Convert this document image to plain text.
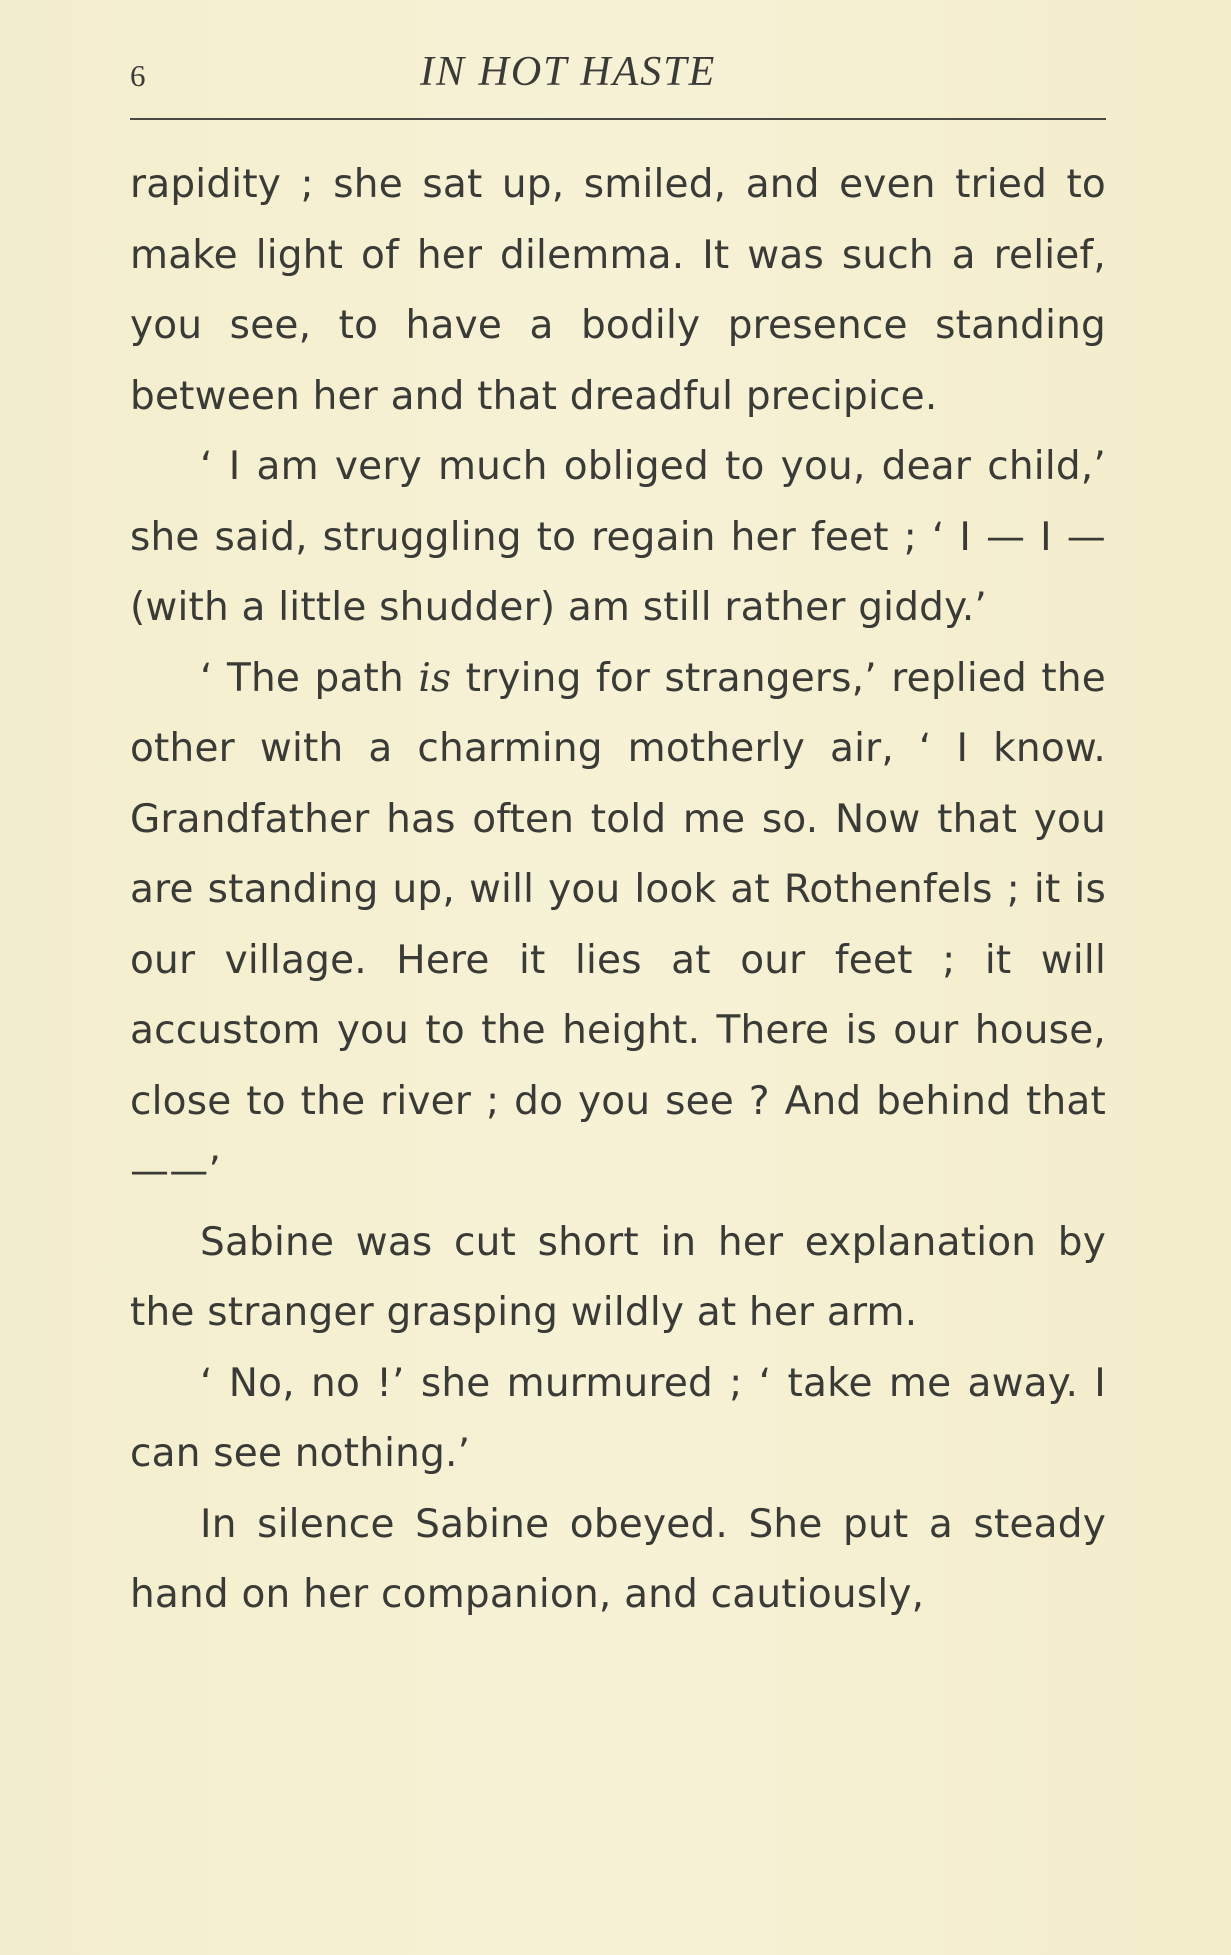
6	IN HOT HASTE

rapidity ; she sat up, smiled, and even tried to make light of her dilemma. It was such a relief, you see, to have a bodily presence standing between her and that dreadful precipice.

‘ I am very much obliged to you, dear child,’ she said, struggling to regain her feet ; ‘ I — I — (with a little shudder) am still rather giddy.’

‘ The path is trying for strangers,’ replied the other with a charming motherly air, ‘ I know. Grandfather has often told me so. Now that you are standing up, will you look at Rothenfels ; it is our village. Here it lies at our feet ; it will accustom you to the height. There is our house, close to the river ; do you see ? And behind that——’

Sabine was cut short in her explanation by the stranger grasping wildly at her arm.

‘ No, no !’ she murmured ; ‘ take me away. I can see nothing.’

In silence Sabine obeyed. She put a steady hand on her companion, and cautiously,
